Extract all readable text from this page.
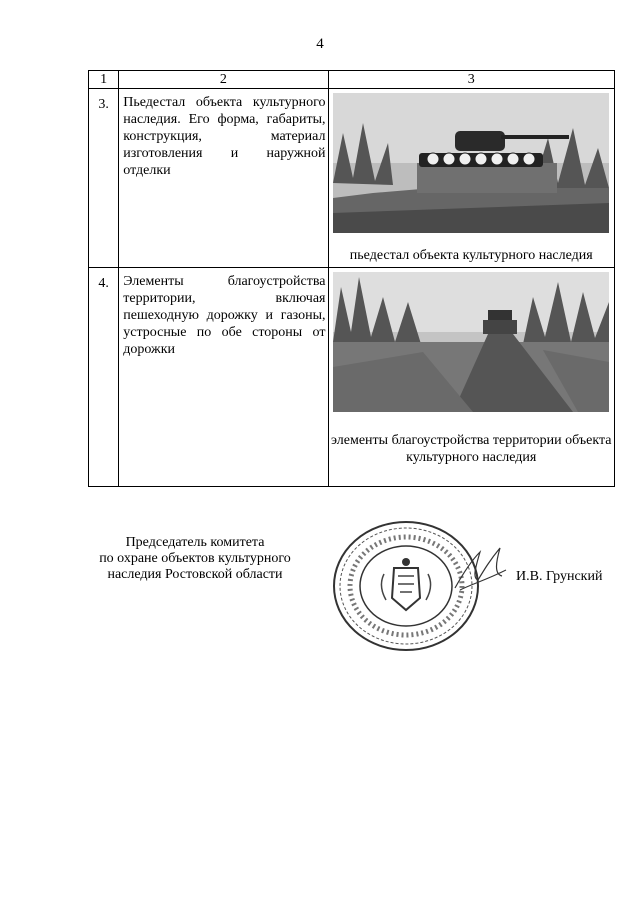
4
1	2	3
3.	Пьедестал объекта культурного наследия. Его форма, габариты, конструкция, материал изготовления и наружной отделки	пьедестал объекта культурного наследия

4.	Элементы благоустройства территории, включая пешеходную дорожку и газоны, устросные по обе стороны от дорожки	элементы благоустройства территории объекта культурного наследия
Председатель комитета
по охране объектов культурного
наследия Ростовской области	И.В. Грунский
